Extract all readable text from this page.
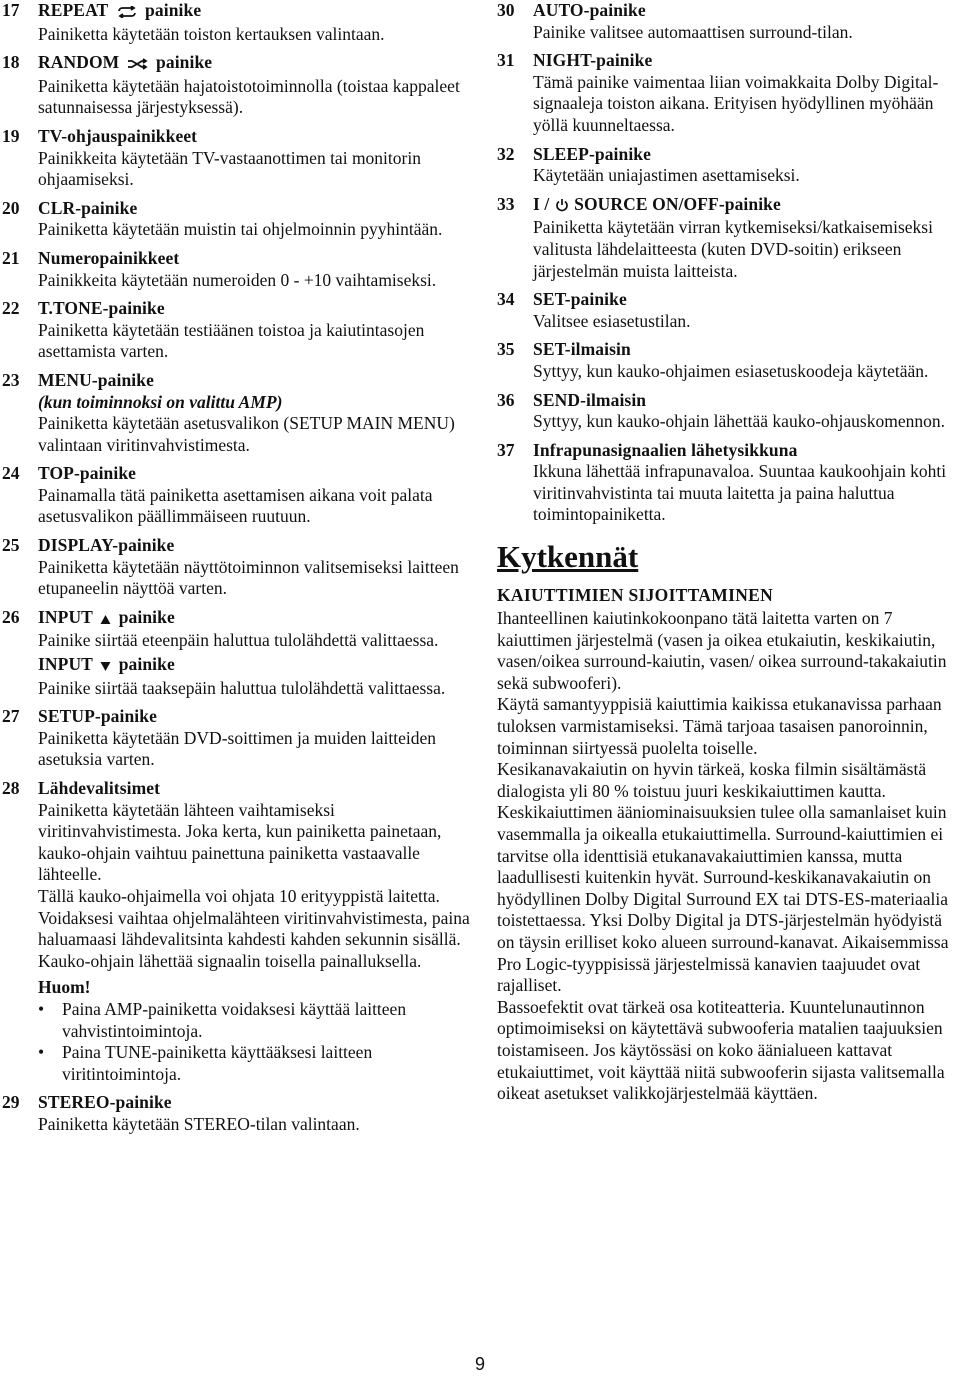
17 REPEAT painike
Painiketta käytetään toiston kertauksen valintaan.
18 RANDOM painike
Painiketta käytetään hajatoistotoiminnolla (toistaa kappaleet satunnaisessa järjestyksessä).
19 TV-ohjauspainikkeet
Painikkeita käytetään TV-vastaanottimen tai monitorin ohjaamiseksi.
20 CLR-painike
Painiketta käytetään muistin tai ohjelmoinnin pyyhintään.
21 Numeropainikkeet
Painikkeita käytetään numeroiden 0 - +10 vaihtamiseksi.
22 T.TONE-painike
Painiketta käytetään testiäänen toistoa ja kaiutintasojen asettamista varten.
23 MENU-painike
(kun toiminnoksi on valittu AMP)
Painiketta käytetään asetusvalikon (SETUP MAIN MENU) valintaan viritinvahvistimesta.
24 TOP-painike
Painamalla tätä painiketta asettamisen aikana voit palata asetusvalikon päällimmäiseen ruutuun.
25 DISPLAY-painike
Painiketta käytetään näyttötoiminnon valitsemiseksi laitteen etupaneelin näyttöä varten.
26 INPUT painike
Painike siirtää eteenpäin haluttua tulolähdettä valittaessa.
INPUT painike
Painike siirtää taaksepäin haluttua tulolähdettä valittaessa.
27 SETUP-painike
Painiketta käytetään DVD-soittimen ja muiden laitteiden asetuksia varten.
28 Lähdevalitsimet
Painiketta käytetään lähteen vaihtamiseksi viritinvahvistimesta. Joka kerta, kun painiketta painetaan, kauko-ohjain vaihtuu painettuna painiketta vastaavalle lähteelle.
Tällä kauko-ohjaimella voi ohjata 10 erityyppistä laitetta. Voidaksesi vaihtaa ohjelmalähteen viritinvahvistimesta, paina haluamaasi lähdevalitsinta kahdesti kahden sekunnin sisällä. Kauko-ohjain lähettää signaalin toisella painalluksella.
Huom!
• Paina AMP-painiketta voidaksesi käyttää laitteen vahvistintoimintoja.
• Paina TUNE-painiketta käyttääksesi laitteen viritintoimintoja.
29 STEREO-painike
Painiketta käytetään STEREO-tilan valintaan.
30 AUTO-painike
Painike valitsee automaattisen surround-tilan.
31 NIGHT-painike
Tämä painike vaimentaa liian voimakkaita Dolby Digital-signaaleja toiston aikana. Erityisen hyödyllinen myöhään yöllä kuunneltaessa.
32 SLEEP-painike
Käytetään uniajastimen asettamiseksi.
33 I / SOURCE ON/OFF-painike
Painiketta käytetään virran kytkemiseksi/katkaisemiseksi valitusta lähdelaitteesta (kuten DVD-soitin) erikseen järjestelmän muista laitteista.
34 SET-painike
Valitsee esiasetustilan.
35 SET-ilmaisin
Syttyy, kun kauko-ohjaimen esiasetuskoodeja käytetään.
36 SEND-ilmaisin
Syttyy, kun kauko-ohjain lähettää kauko-ohjauskomennon.
37 Infrapunasignaalien lähetysikkuna
Ikkuna lähettää infrapunavaloa. Suuntaa kaukoohjain kohti viritinvahvistinta tai muuta laitetta ja paina haluttua toimintopainiketta.
Kytkennät
KAIUTTIMIEN SIJOITTAMINEN
Ihanteellinen kaiutinkokoonpano tätä laitetta varten on 7 kaiuttimen järjestelmä (vasen ja oikea etukaiutin, keskikaiutin, vasen/oikea surround-kaiutin, vasen/ oikea surround-takakaiutin sekä subwooferi).
Käytä samantyyppisiä kaiuttimia kaikissa etukanavissa parhaan tuloksen varmistamiseksi. Tämä tarjoaa tasaisen panoroinnin, toiminnan siirtyessä puolelta toiselle.
Kesikanavakaiutin on hyvin tärkeä, koska filmin sisältämästä dialogista yli 80 % toistuu juuri keskikaiuttimen kautta. Keskikaiuttimen ääniominaisuuksien tulee olla samanlaiset kuin vasemmalla ja oikealla etukaiuttimella. Surround-kaiuttimien ei tarvitse olla identtisiä etukanavakaiuttimien kanssa, mutta laadullisesti kuitenkin hyvät. Surround-keskikanavakaiutin on hyödyllinen Dolby Digital Surround EX tai DTS-ES-materiaalia toistettaessa. Yksi Dolby Digital ja DTS-järjestelmän hyödyistä on täysin erilliset koko alueen surround-kanavat. Aikaisemmissa Pro Logic-tyyppisissä järjestelmissä kanavien taajuudet ovat rajalliset.
Bassoefektit ovat tärkeä osa kotiteatteria. Kuuntelunautinnon optimoimiseksi on käytettävä subwooferia matalien taajuuksien toistamiseen. Jos käytössäsi on koko äänialueen kattavat etukaiuttimet, voit käyttää niitä subwooferin sijasta valitsemalla oikeat asetukset valikkojärjestelmää käyttäen.
9
